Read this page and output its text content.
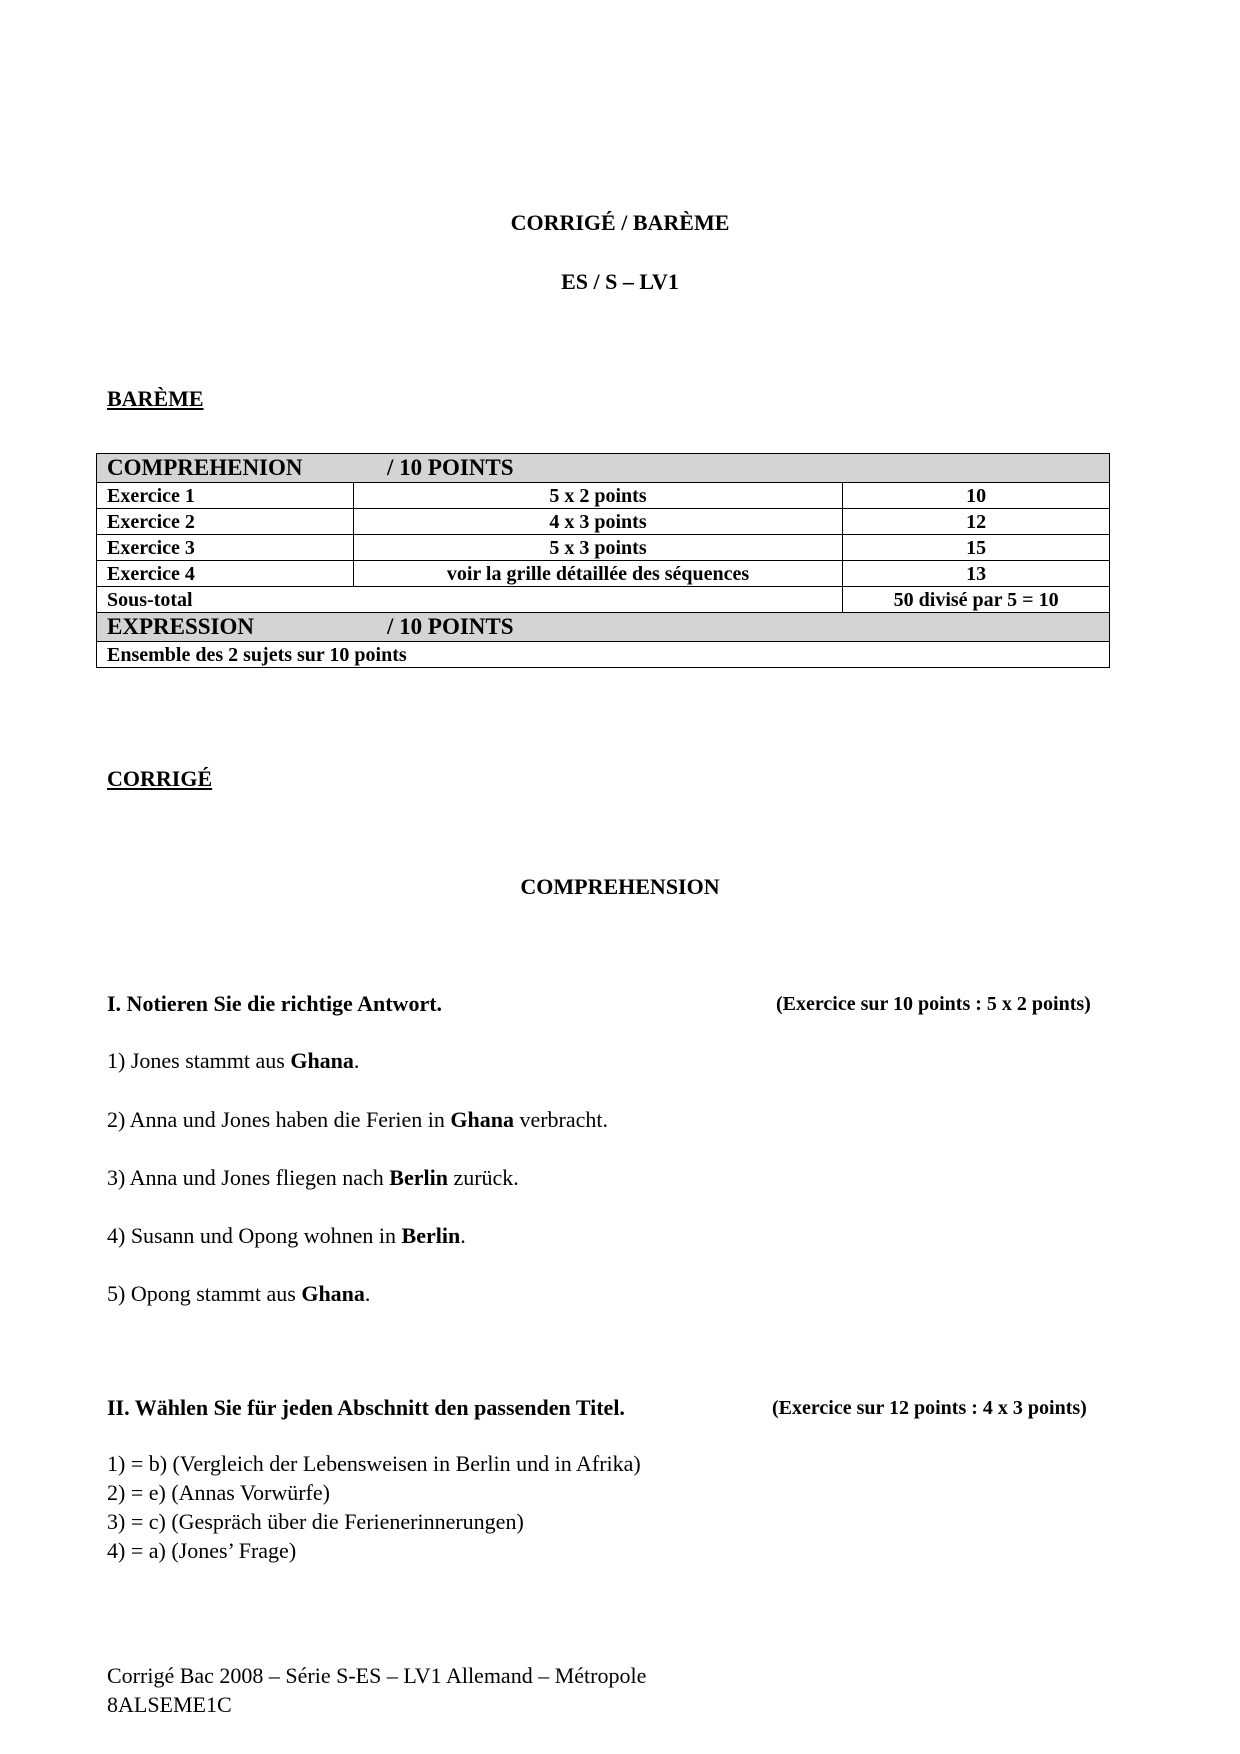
CORRIGÉ / BARÈME
ES / S – LV1
BARÈME
COMPREHENION / 10 POINTS		
Exercice 1	5 x 2 points	10
Exercice 2	4 x 3 points	12
Exercice 3	5 x 3 points	15
Exercice 4	voir la grille détaillée des séquences	13
Sous-total		50 divisé par 5 = 10
EXPRESSION / 10 POINTS		
Ensemble des 2 sujets sur 10 points		
CORRIGÉ
COMPREHENSION
I. Notieren Sie die richtige Antwort.	(Exercice sur 10 points : 5 x 2 points)
1) Jones stammt aus Ghana.
2) Anna und Jones haben die Ferien in Ghana verbracht.
3) Anna und Jones fliegen nach Berlin zurück.
4) Susann und Opong wohnen in Berlin.
5) Opong stammt aus Ghana.
II. Wählen Sie für jeden Abschnitt den passenden Titel.	(Exercice sur 12 points : 4 x 3 points)
1) = b) (Vergleich der Lebensweisen in Berlin und in Afrika)
2) = e) (Annas Vorwürfe)
3) = c) (Gespräch über die Ferienerinnerungen)
4) = a) (Jones’ Frage)
Corrigé Bac 2008 – Série S-ES – LV1 Allemand – Métropole
8ALSEME1C
